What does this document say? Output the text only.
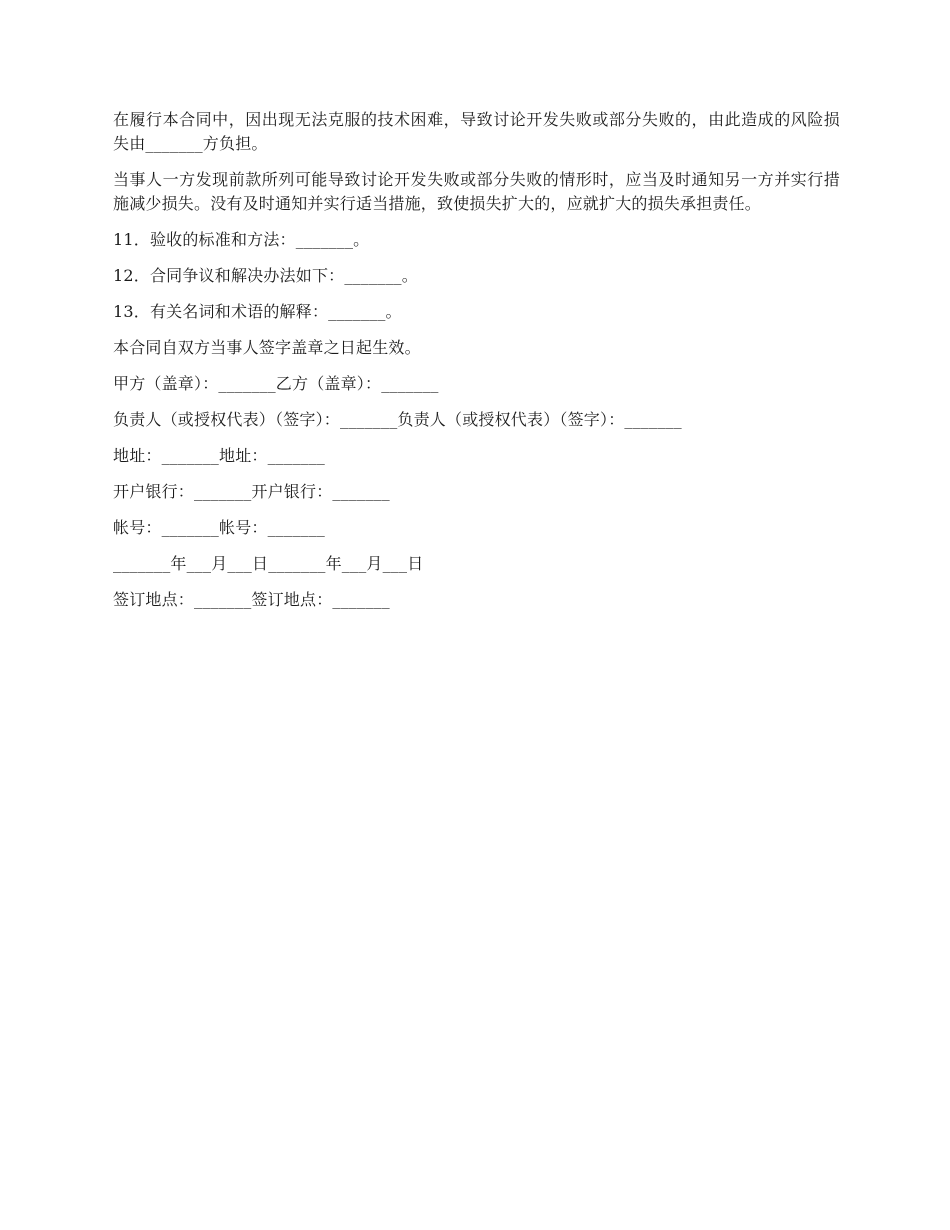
在履行本合同中，因出现无法克服的技术困难，导致讨论开发失败或部分失败的，由此造成的风险损失由_______方负担。

当事人一方发现前款所列可能导致讨论开发失败或部分失败的情形时，应当及时通知另一方并实行措施减少损失。没有及时通知并实行适当措施，致使损失扩大的，应就扩大的损失承担责任。

11．验收的标准和方法：_______。

12．合同争议和解决办法如下：_______。

13．有关名词和术语的解释：_______。

本合同自双方当事人签字盖章之日起生效。

甲方（盖章）：_______乙方（盖章）：_______

负责人（或授权代表）（签字）：_______负责人（或授权代表）（签字）：_______

地址：_______地址：_______

开户银行：_______开户银行：_______

帐号：_______帐号：_______

_______年___月___日_______年___月___日

签订地点：_______签订地点：_______
